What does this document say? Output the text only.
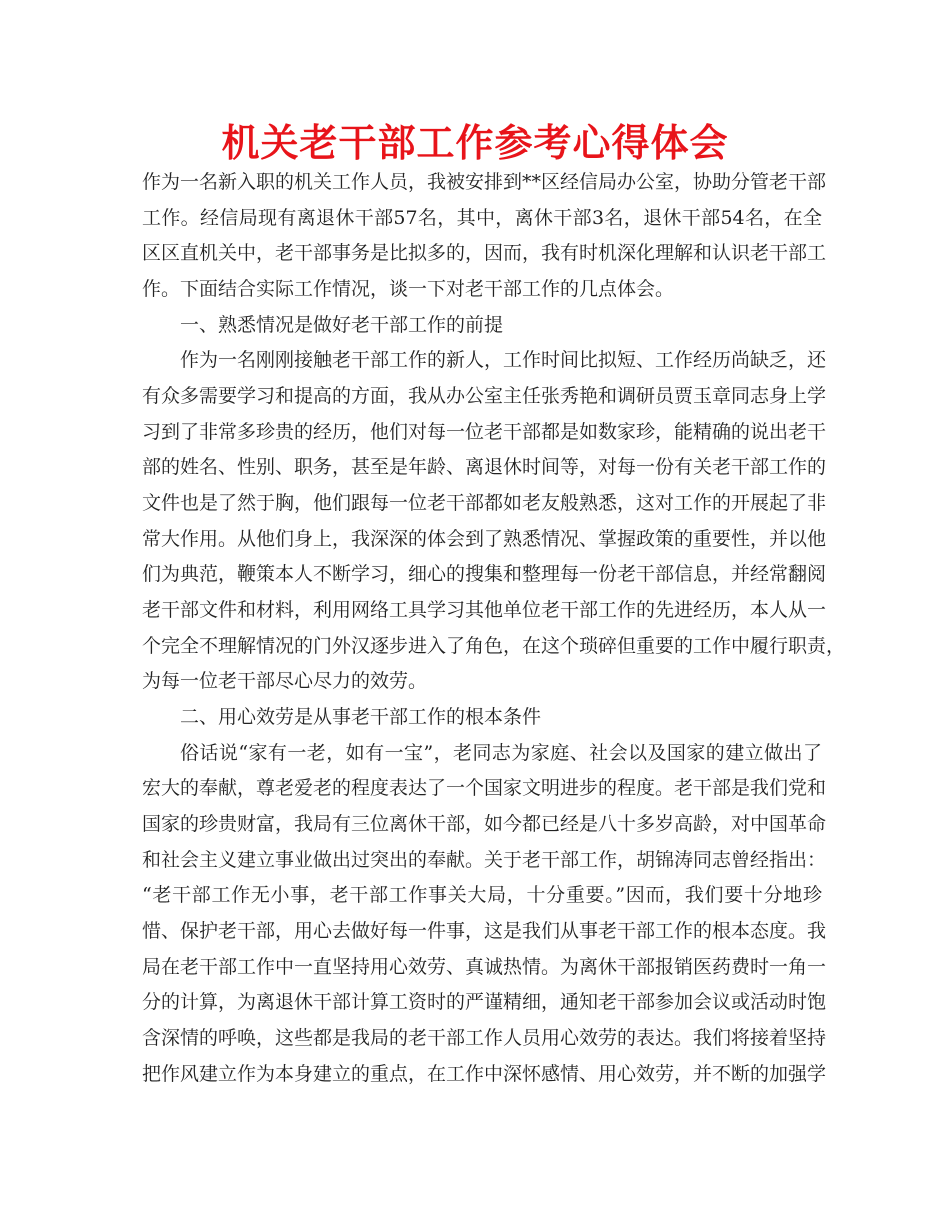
机关老干部工作参考心得体会
作为一名新入职的机关工作人员，我被安排到**区经信局办公室，协助分管老干部
工作。经信局现有离退休干部57名，其中，离休干部3名，退休干部54名，在全
区区直机关中，老干部事务是比拟多的，因而，我有时机深化理解和认识老干部工
作。下面结合实际工作情况，谈一下对老干部工作的几点体会。
一、熟悉情况是做好老干部工作的前提
作为一名刚刚接触老干部工作的新人，工作时间比拟短、工作经历尚缺乏，还
有众多需要学习和提高的方面，我从办公室主任张秀艳和调研员贾玉章同志身上学
习到了非常多珍贵的经历，他们对每一位老干部都是如数家珍，能精确的说出老干
部的姓名、性别、职务，甚至是年龄、离退休时间等，对每一份有关老干部工作的
文件也是了然于胸，他们跟每一位老干部都如老友般熟悉，这对工作的开展起了非
常大作用。从他们身上，我深深的体会到了熟悉情况、掌握政策的重要性，并以他
们为典范，鞭策本人不断学习，细心的搜集和整理每一份老干部信息，并经常翻阅
老干部文件和材料，利用网络工具学习其他单位老干部工作的先进经历，本人从一
个完全不理解情况的门外汉逐步进入了角色，在这个琐碎但重要的工作中履行职责，
为每一位老干部尽心尽力的效劳。
二、用心效劳是从事老干部工作的根本条件
俗话说“家有一老，如有一宝”，老同志为家庭、社会以及国家的建立做出了
宏大的奉献，尊老爱老的程度表达了一个国家文明进步的程度。老干部是我们党和
国家的珍贵财富，我局有三位离休干部，如今都已经是八十多岁高龄，对中国革命
和社会主义建立事业做出过突出的奉献。关于老干部工作，胡锦涛同志曾经指出：
“老干部工作无小事，老干部工作事关大局，十分重要。”因而，我们要十分地珍
惜、保护老干部，用心去做好每一件事，这是我们从事老干部工作的根本态度。我
局在老干部工作中一直坚持用心效劳、真诚热情。为离休干部报销医药费时一角一
分的计算，为离退休干部计算工资时的严谨精细，通知老干部参加会议或活动时饱
含深情的呼唤，这些都是我局的老干部工作人员用心效劳的表达。我们将接着坚持
把作风建立作为本身建立的重点，在工作中深怀感情、用心效劳，并不断的加强学
